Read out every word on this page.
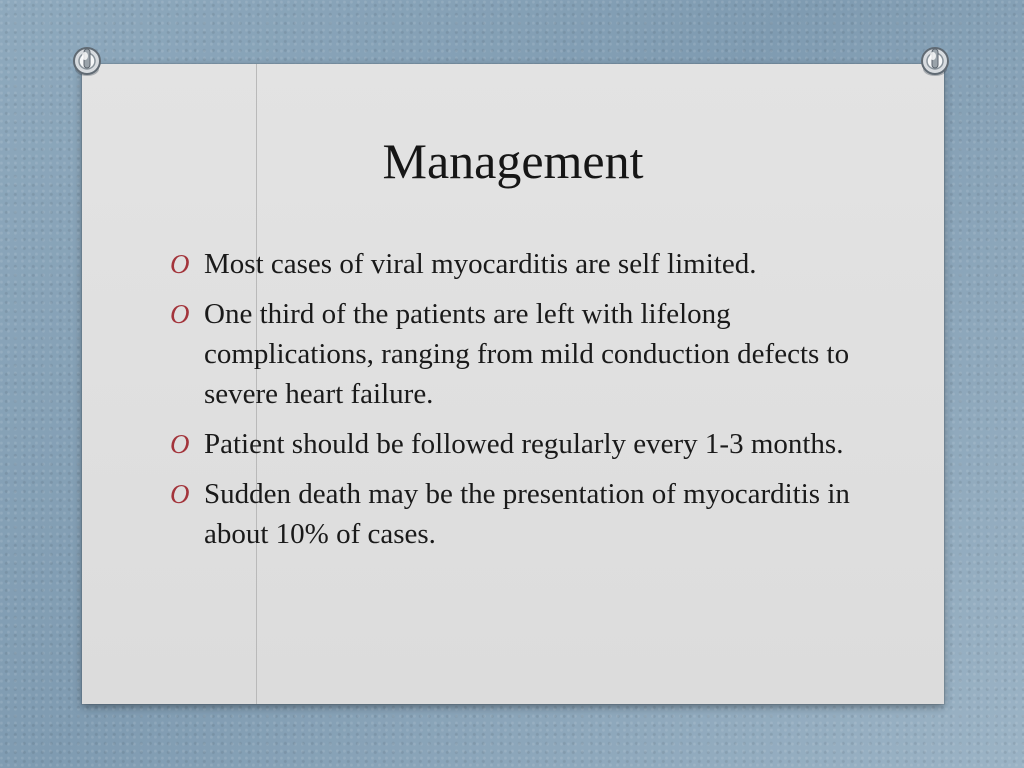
Management
O Most cases of viral myocarditis are self limited.
O One third of the patients are left with lifelong complications, ranging from mild conduction defects to severe heart failure.
O Patient should be followed regularly every 1-3 months.
O Sudden death may be the presentation of myocarditis in about 10% of cases.
